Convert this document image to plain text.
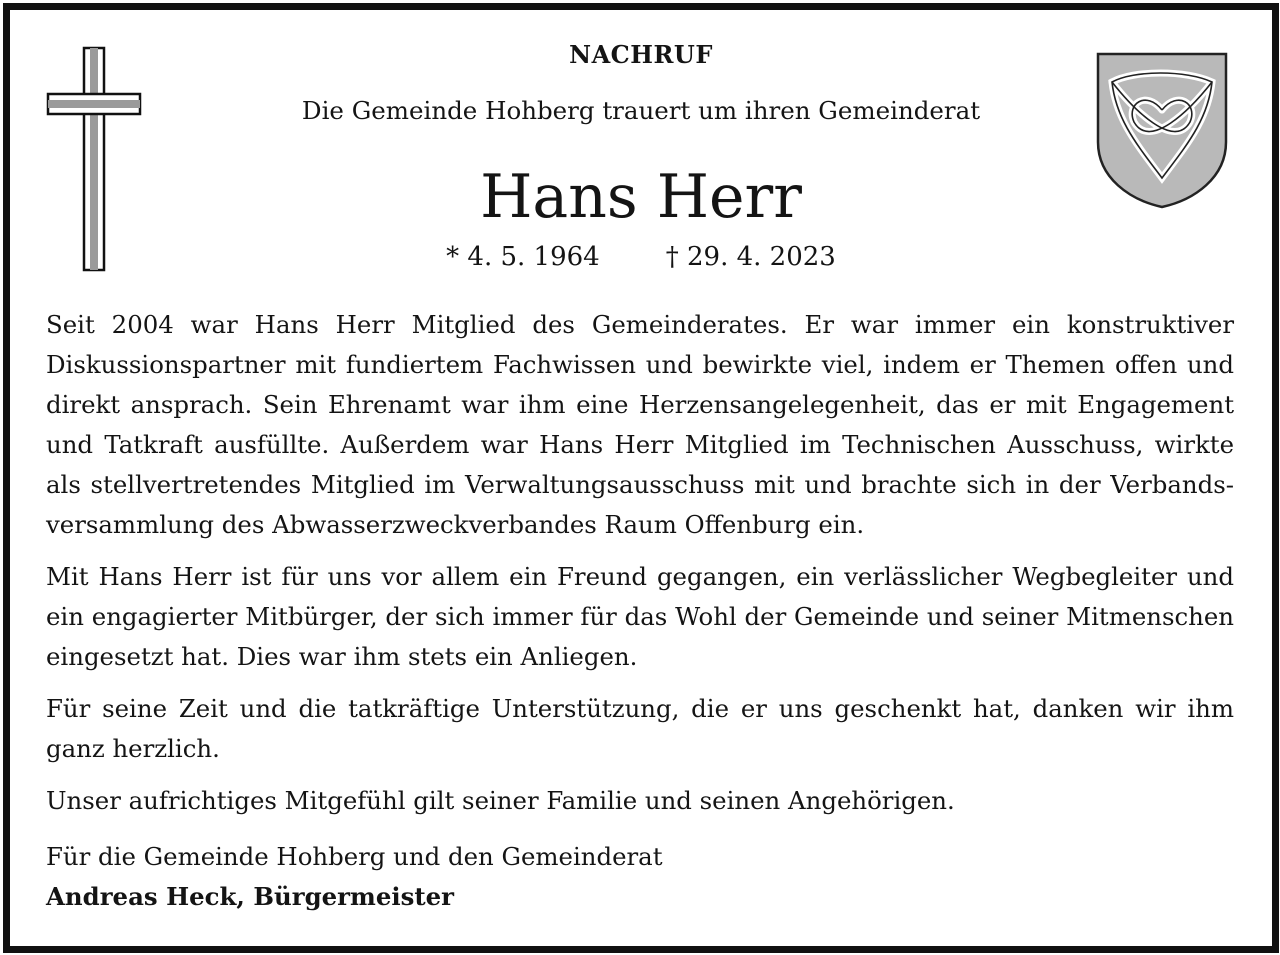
NACHRUF
Die Gemeinde Hohberg trauert um ihren Gemeinderat
Hans Herr
* 4. 5. 1964	† 29. 4. 2023

Seit 2004 war Hans Herr Mitglied des Gemeinderates. Er war immer ein konstruktiver Diskussionspartner mit fundiertem Fachwissen und bewirkte viel, indem er Themen offen und direkt ansprach. Sein Ehrenamt war ihm eine Herzensangelegenheit, das er mit Engagement und Tatkraft ausfüllte. Außerdem war Hans Herr Mitglied im Technischen Ausschuss, wirkte als stellvertretendes Mitglied im Verwaltungsausschuss mit und brachte sich in der Verbands-versammlung des Abwasserzweckverbandes Raum Offenburg ein.

Mit Hans Herr ist für uns vor allem ein Freund gegangen, ein verlässlicher Wegbegleiter und ein engagierter Mitbürger, der sich immer für das Wohl der Gemeinde und seiner Mitmenschen eingesetzt hat. Dies war ihm stets ein Anliegen.

Für seine Zeit und die tatkräftige Unterstützung, die er uns geschenkt hat, danken wir ihm ganz herzlich.

Unser aufrichtiges Mitgefühl gilt seiner Familie und seinen Angehörigen.

Für die Gemeinde Hohberg und den Gemeinderat
Andreas Heck, Bürgermeister
